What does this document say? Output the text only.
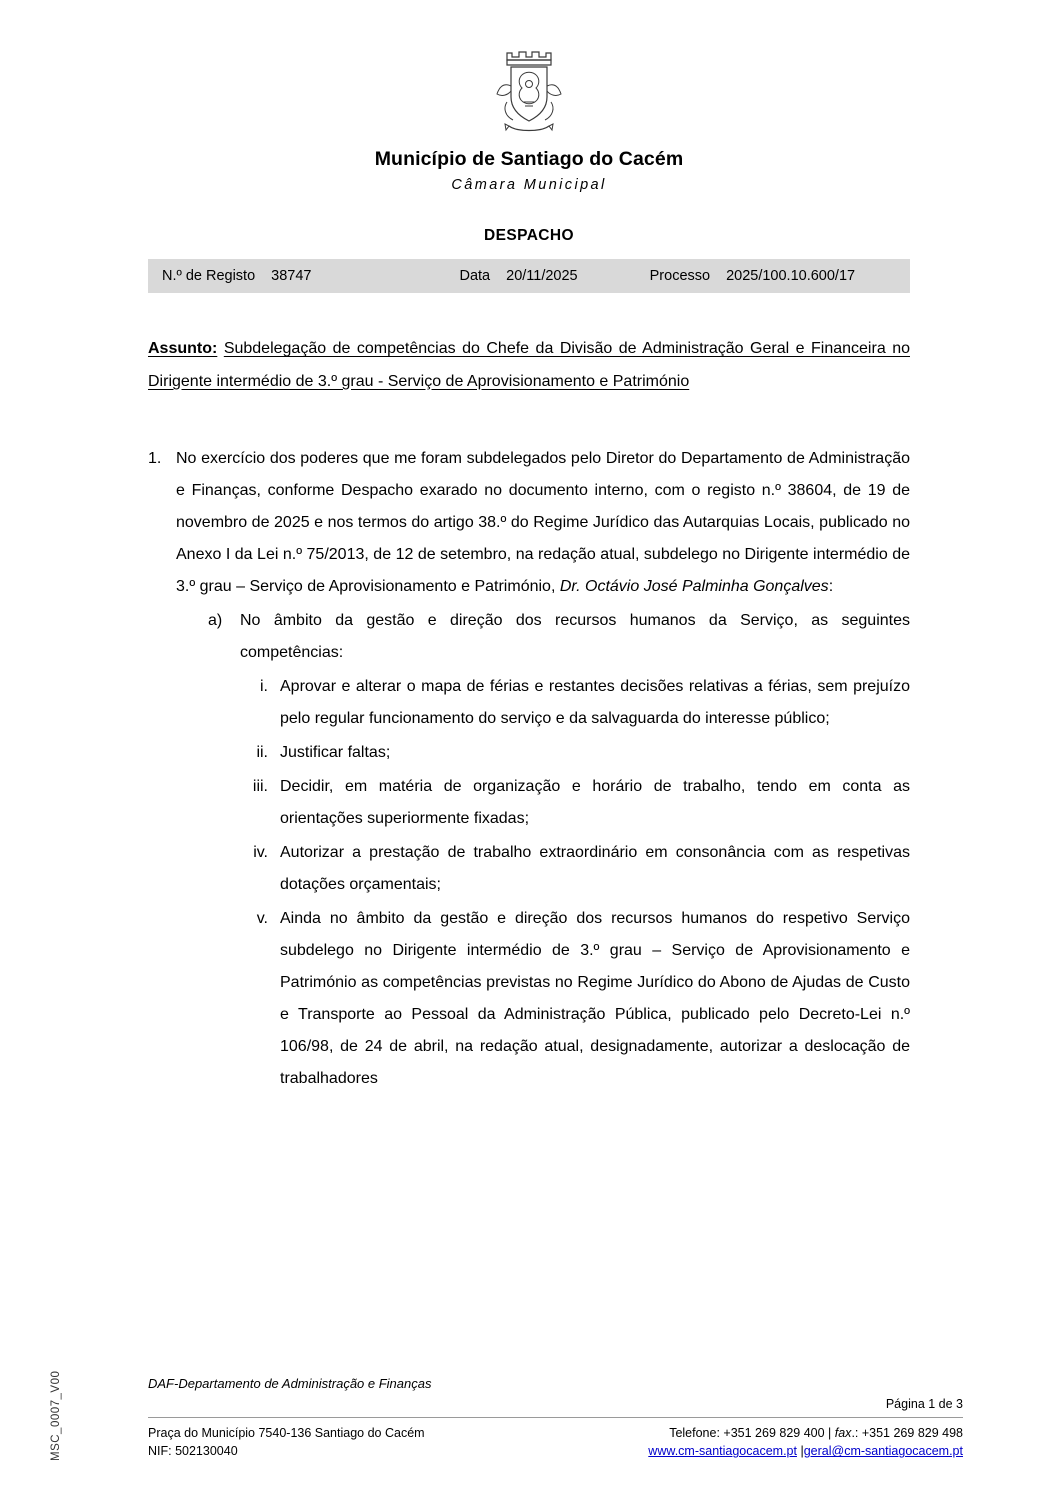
Município de Santiago do Cacém
Câmara Municipal
DESPACHO
N.º de Registo	38747	Data	20/11/2025	Processo	2025/100.10.600/17
Assunto: Subdelegação de competências do Chefe da Divisão de Administração Geral e Financeira no Dirigente intermédio de 3.º grau - Serviço de Aprovisionamento e Património
1. No exercício dos poderes que me foram subdelegados pelo Diretor do Departamento de Administração e Finanças, conforme Despacho exarado no documento interno, com o registo n.º 38604, de 19 de novembro de 2025 e nos termos do artigo 38.º do Regime Jurídico das Autarquias Locais, publicado no Anexo I da Lei n.º 75/2013, de 12 de setembro, na redação atual, subdelego no Dirigente intermédio de 3.º grau – Serviço de Aprovisionamento e Património, Dr. Octávio José Palminha Gonçalves:
a)	No âmbito da gestão e direção dos recursos humanos da Serviço, as seguintes competências:
i. Aprovar e alterar o mapa de férias e restantes decisões relativas a férias, sem prejuízo pelo regular funcionamento do serviço e da salvaguarda do interesse público;
ii. Justificar faltas;
iii. Decidir, em matéria de organização e horário de trabalho, tendo em conta as orientações superiormente fixadas;
iv. Autorizar a prestação de trabalho extraordinário em consonância com as respetivas dotações orçamentais;
v. Ainda no âmbito da gestão e direção dos recursos humanos do respetivo Serviço subdelego no Dirigente intermédio de 3.º grau – Serviço de Aprovisionamento e Património as competências previstas no Regime Jurídico do Abono de Ajudas de Custo e Transporte ao Pessoal da Administração Pública, publicado pelo Decreto-Lei n.º 106/98, de 24 de abril, na redação atual, designadamente, autorizar a deslocação de trabalhadores
MSC_0007_V00	DAF-Departamento de Administração e Finanças
Página 1 de 3
Praça do Município 7540-136 Santiago do Cacém
NIF: 502130040
Telefone: +351 269 829 400 | fax.: +351 269 829 498
www.cm-santiagocacem.pt |geral@cm-santiagocacem.pt
